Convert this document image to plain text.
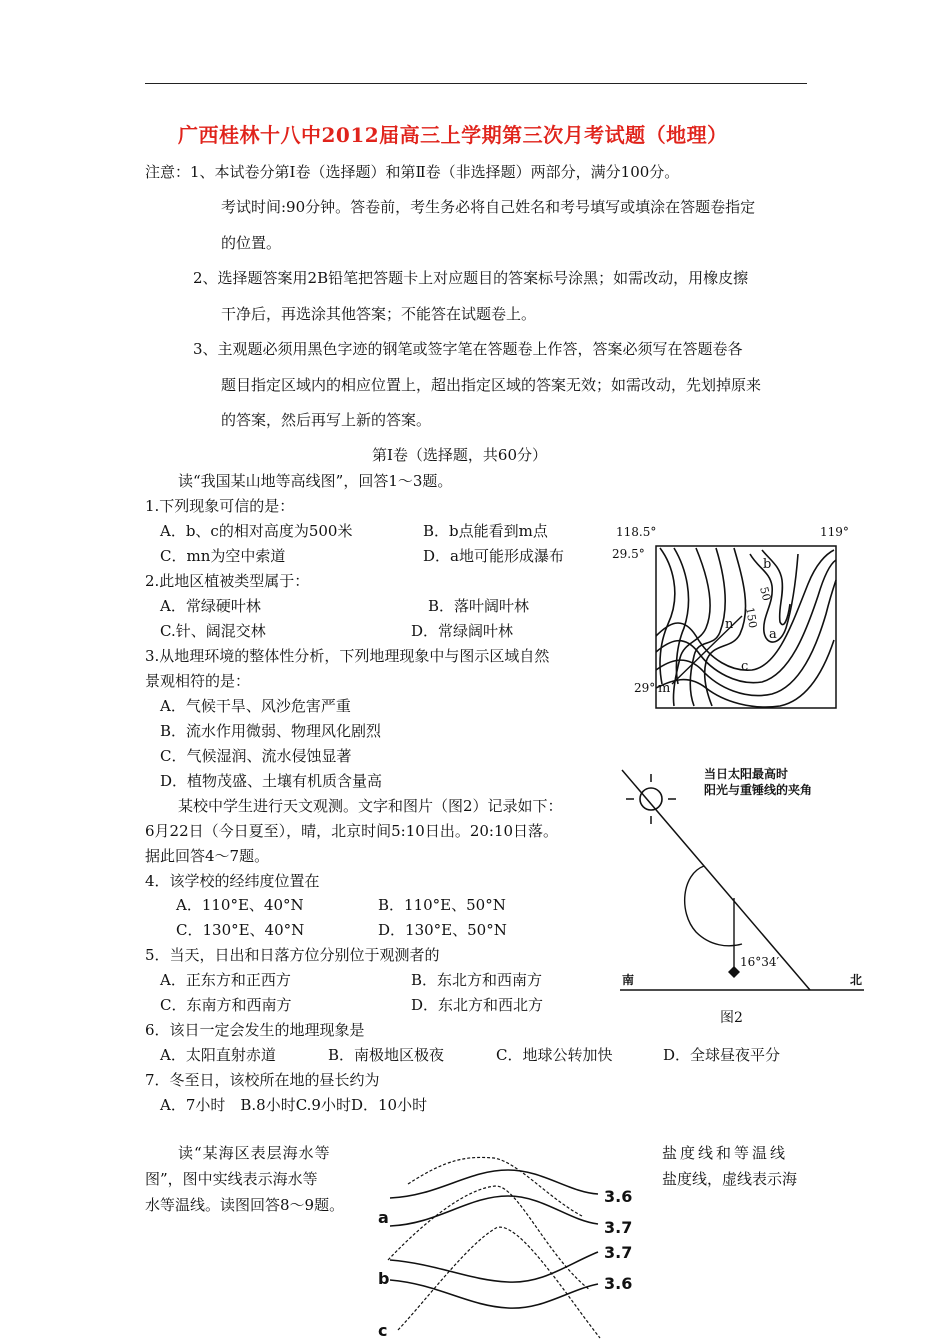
广西桂林十八中2012届高三上学期第三次月考试题（地理）
注意：1、本试卷分第Ⅰ卷（选择题）和第Ⅱ卷（非选择题）两部分，满分100分。
考试时间:90分钟。答卷前，考生务必将自己姓名和考号填写或填涂在答题卷指定
的位置。
2、选择题答案用2B铅笔把答题卡上对应题目的答案标号涂黑；如需改动，用橡皮擦
干净后，再选涂其他答案；不能答在试题卷上。
3、主观题必须用黑色字迹的钢笔或签字笔在答题卷上作答，答案必须写在答题卷各
题目指定区域内的相应位置上，超出指定区域的答案无效；如需改动，先划掉原来
的答案，然后再写上新的答案。
第Ⅰ卷（选择题，共60分）
读“我国某山地等高线图”，回答1～3题。
1.下列现象可信的是：
A．b、c的相对高度为500米	B．b点能看到m点
C．mn为空中索道	D．a地可能形成瀑布
2.此地区植被类型属于：
A．常绿硬叶林	B．落叶阔叶林
C.针、阔混交林	D．常绿阔叶林
3.从地理环境的整体性分析，下列地理现象中与图示区域自然
景观相符的是：
A．气候干旱、风沙危害严重
B．流水作用微弱、物理风化剧烈
C．气候湿润、流水侵蚀显著
D．植物茂盛、土壤有机质含量高
某校中学生进行天文观测。文字和图片（图2）记录如下：
6月22日（今日夏至），晴，北京时间5:10日出。20:10日落。
据此回答4～7题。
4．该学校的经纬度位置在
A．110°E、40°N	B．110°E、50°N
C．130°E、40°N	D．130°E、50°N
5．当天，日出和日落方位分别位于观测者的
A．正东方和正西方	B．东北方和西南方
C．东南方和西南方	D．东北方和西北方
6．该日一定会发生的地理现象是
A．太阳直射赤道	B．南极地区极夜	C．地球公转加快	D．全球昼夜平分
7．冬至日，该校所在地的昼长约为
A．7小时　B.8小时C.9小时D．10小时
读“某海区表层海水等	盐度线和等温线
图”，图中实线表示海水等	盐度线，虚线表示海
水等温线。读图回答8～9题。
118.5°	119°
29.5°
29°
b
50
150
n
a
c
m
当日太阳最高时
阳光与重锤线的夹角
南	北
16°34′
图2
3.6
3.7
3.7
3.6
a
b
c
